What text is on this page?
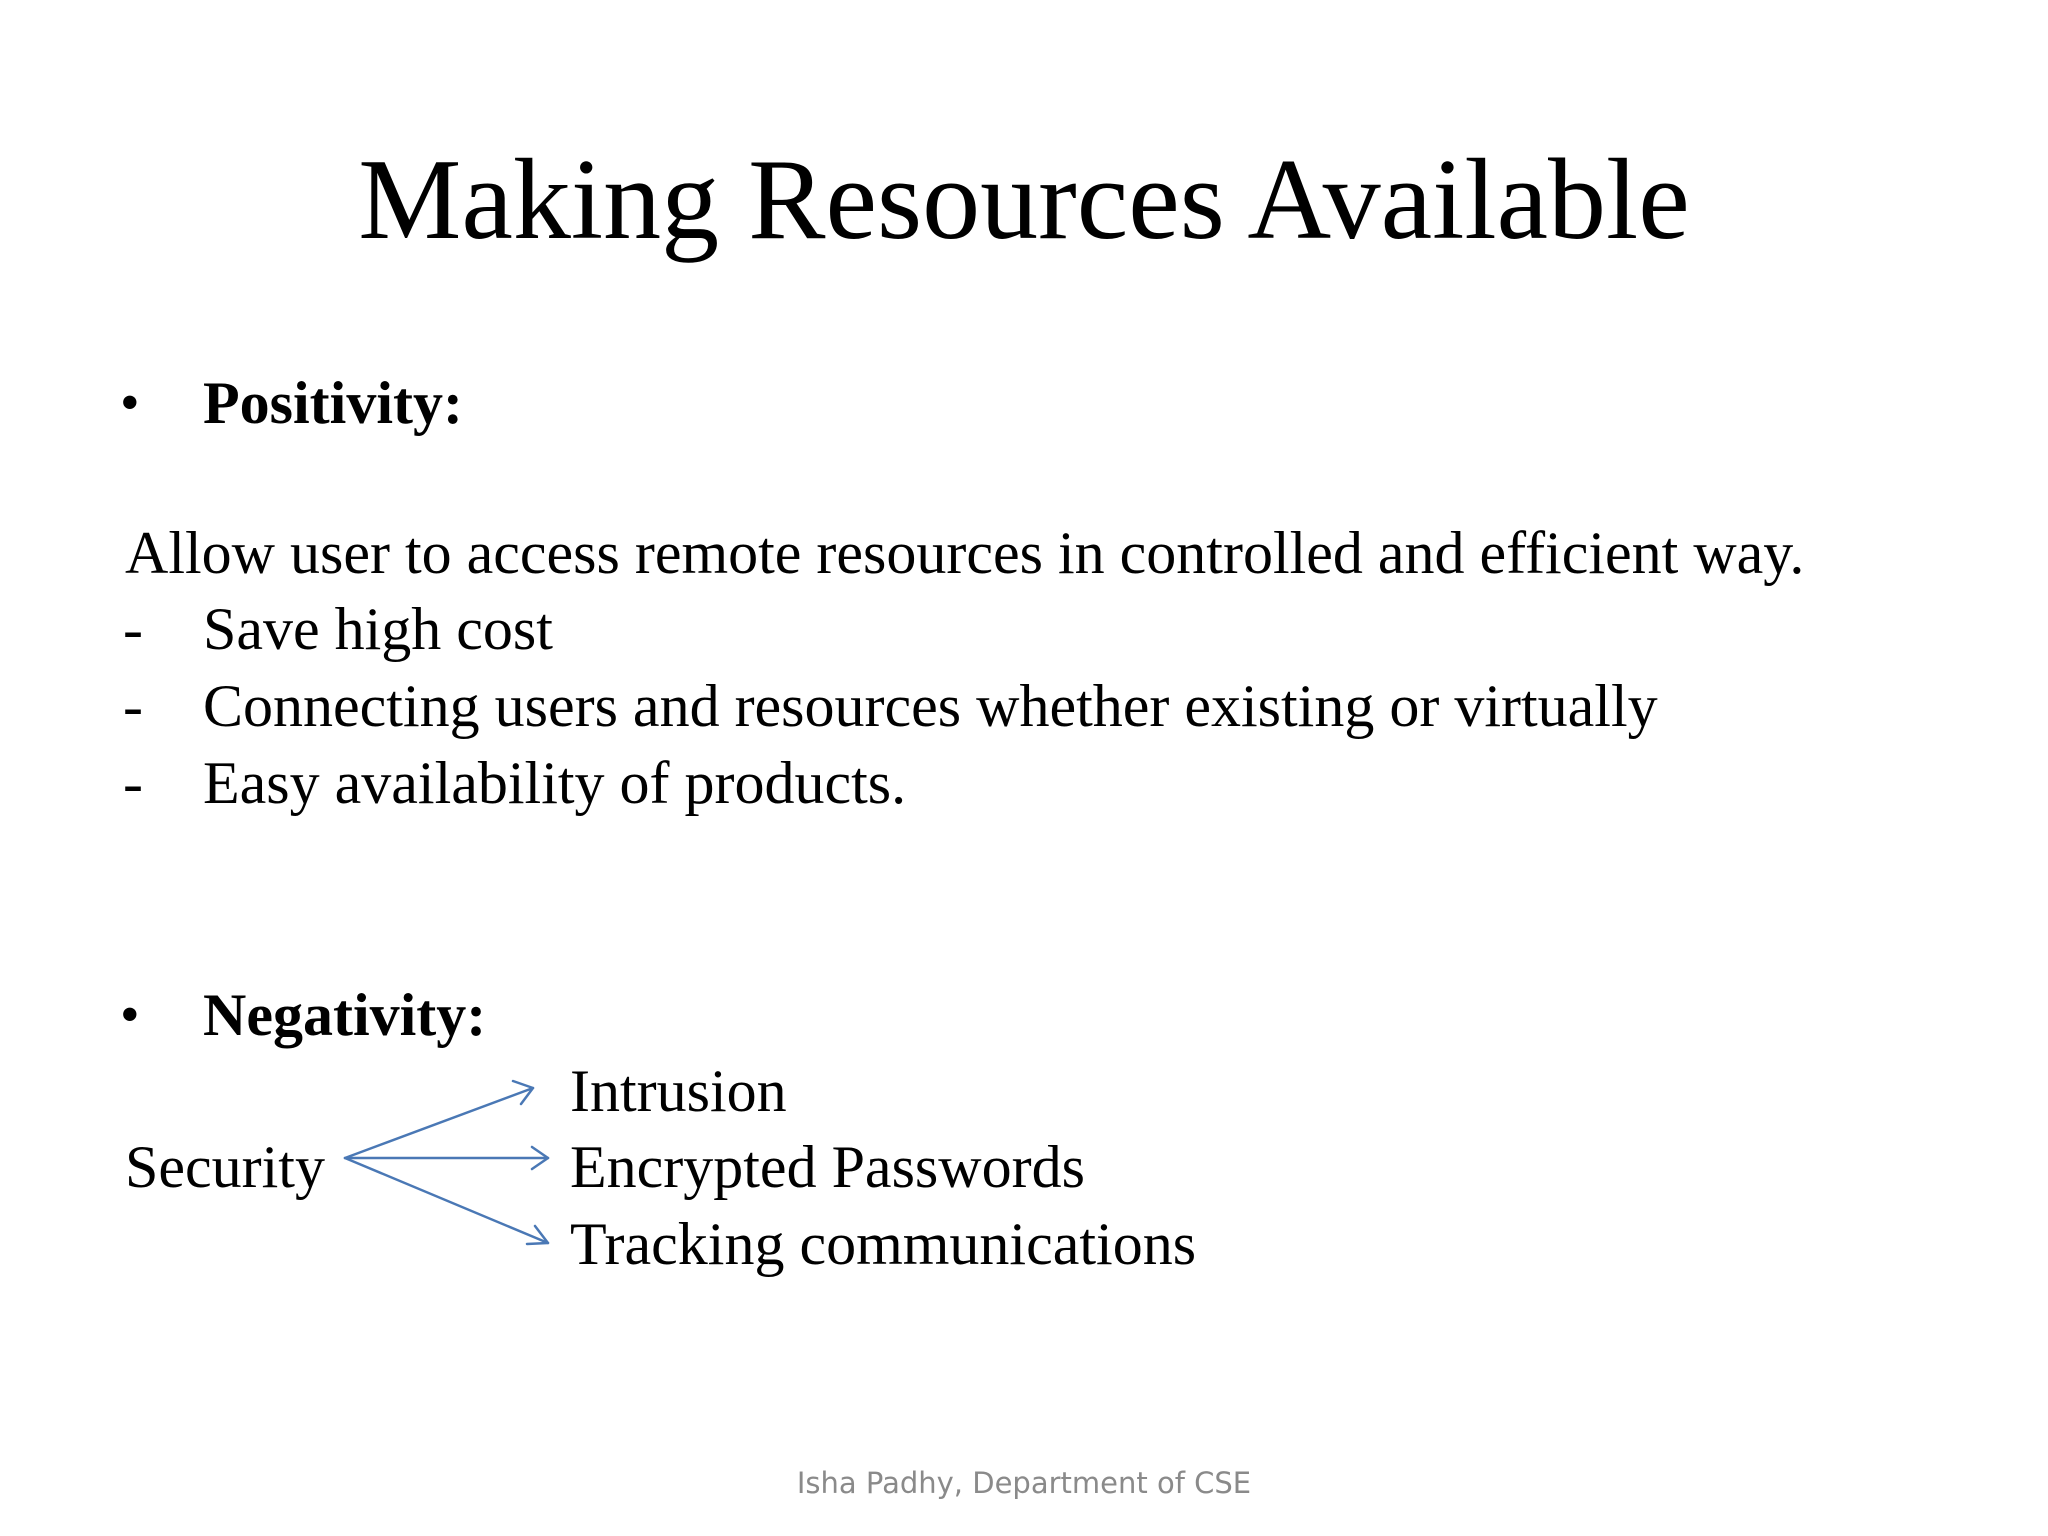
Making Resources Available
• Positivity:
Allow user to access remote resources in controlled and efficient way.
- Save high cost
- Connecting users and resources whether existing or virtually
- Easy availability of products.
• Negativity:
Security
Intrusion
Encrypted Passwords
Tracking communications
Isha Padhy, Department of CSE
